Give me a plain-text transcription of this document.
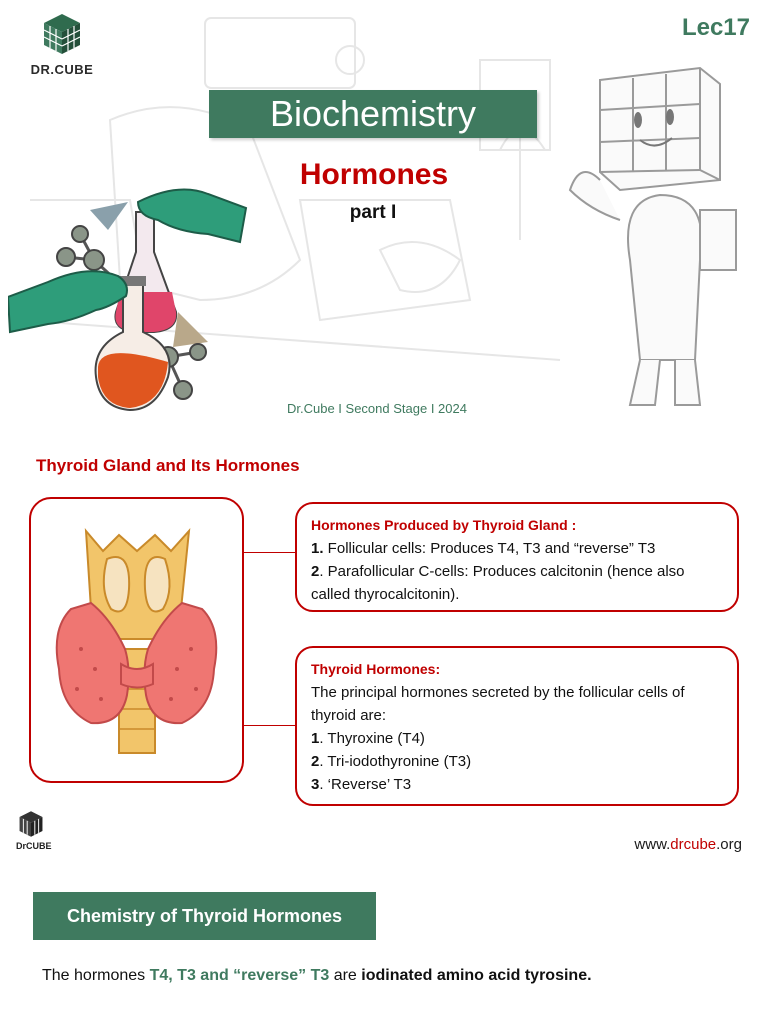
DR.CUBE
Lec17
Biochemistry
Hormones
part I
Dr.Cube I Second Stage I 2024
Thyroid Gland and Its Hormones
Hormones Produced by Thyroid Gland :
1. Follicular cells: Produces T4, T3 and “reverse” T3
2. Parafollicular C-cells: Produces calcitonin (hence also called thyrocalcitonin).
Thyroid Hormones:
The principal hormones secreted by the follicular cells of thyroid are:
1. Thyroxine (T4)
2. Tri-iodothyronine (T3)
3. ‘Reverse’ T3
DrCUBE	www.drcube.org
Chemistry of Thyroid Hormones
The hormones T4, T3 and “reverse” T3 are iodinated amino acid tyrosine.
